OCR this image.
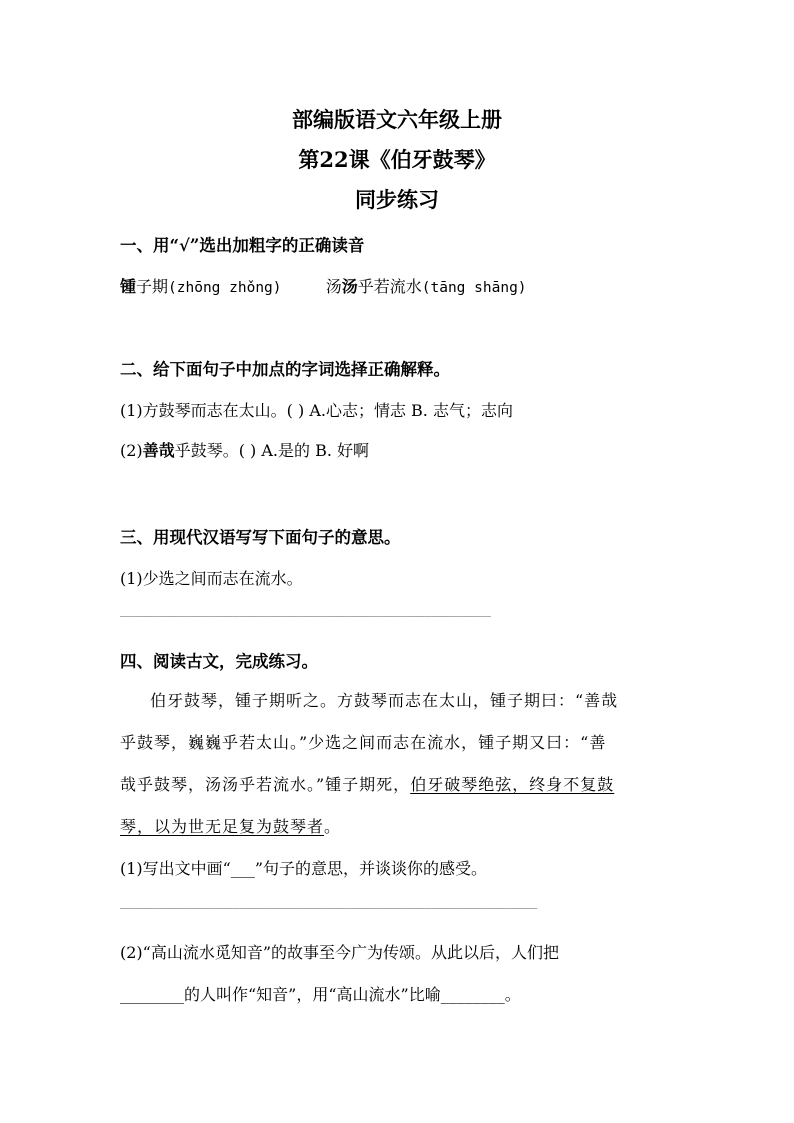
部编版语文六年级上册
第22课《伯牙鼓琴》
同步练习
一、用“√”选出加粗字的正确读音
锺子期(zhōng zhǒng)	汤汤乎若流水(tāng shāng)
二、给下面句子中加点的字词选择正确解释。
(1)方鼓琴而志在太山。( ) A.心志；情志 B. 志气；志向
(2)善哉乎鼓琴。( ) A.是的 B. 好啊
三、用现代汉语写写下面句子的意思。
(1)少选之间而志在流水。
________________________________________________________
四、阅读古文，完成练习。
伯牙鼓琴，锺子期听之。方鼓琴而志在太山，锺子期曰：“善哉
乎鼓琴，巍巍乎若太山。”少选之间而志在流水，锺子期又曰：“善
哉乎鼓琴，汤汤乎若流水。”锺子期死，伯牙破琴绝弦，终身不复鼓
琴，以为世无足复为鼓琴者。
(1)写出文中画“___”句子的意思，并谈谈你的感受。
_______________________________________________________________
(2)“高山流水觅知音”的故事至今广为传颂。从此以后，人们把
________的人叫作“知音”，用“高山流水”比喻________。
